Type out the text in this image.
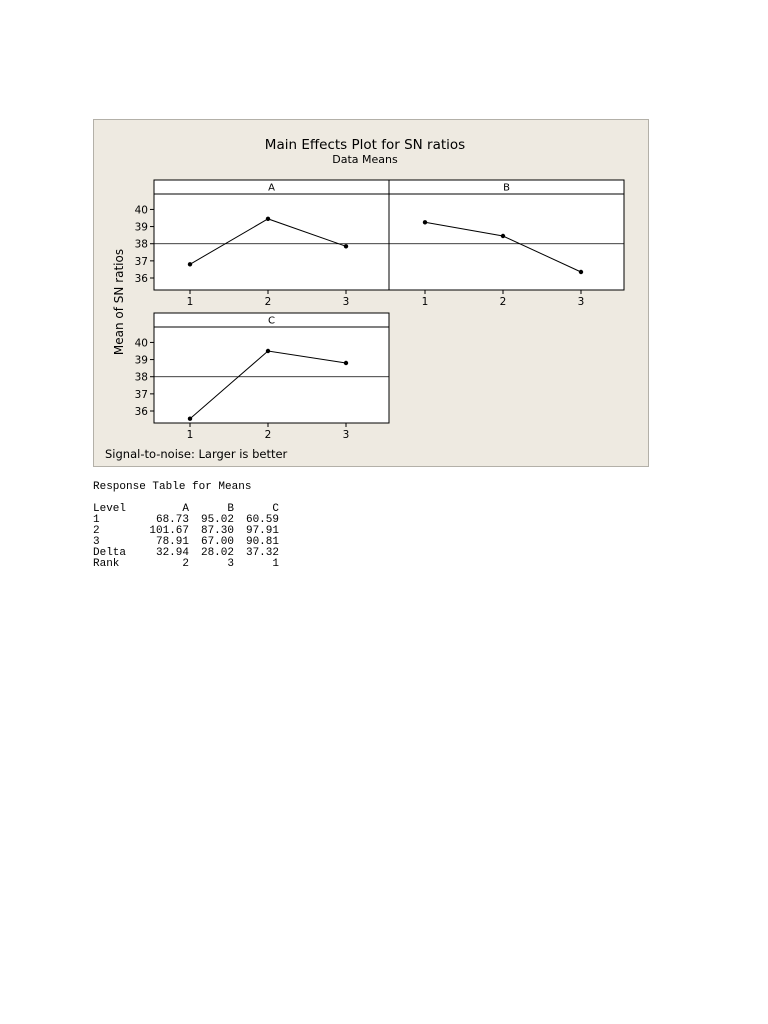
Main Effects Plot for SN ratios
Data Means
Mean of SN ratios
Signal-to-noise: Larger is better
A
36
37
38
39
40
1	2	3
B
1	2	3
C
36
37
38
39
40
1	2	3
Response Table for Means
Level	A	B	C
1	68.73	95.02	60.59
2	101.67	87.30	97.91
3	78.91	67.00	90.81
Delta	32.94	28.02	37.32
Rank	2	3	1
